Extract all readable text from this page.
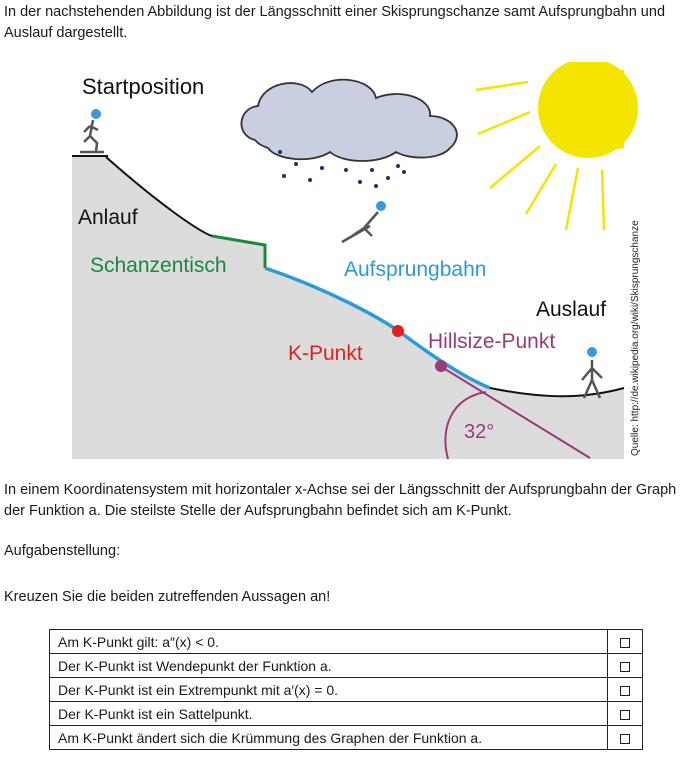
In der nachstehenden Abbildung ist der Längsschnitt einer Skisprungschanze samt Aufsprungbahn und Auslauf dargestellt.

Startposition
Anlauf
Schanzentisch	Aufsprungbahn
Auslauf
K-Punkt
Hillsize-Punkt
32°	Quelle: http://de.wikipedia.org/wiki/Skisprungschanze

In einem Koordinatensystem mit horizontaler x-Achse sei der Längsschnitt der Aufsprungbahn der Graph der Funktion a. Die steilste Stelle der Aufsprungbahn befindet sich am K-Punkt.

Aufgabenstellung:

Kreuzen Sie die beiden zutreffenden Aussagen an!

Am K-Punkt gilt: a″(x) < 0.	
Der K-Punkt ist Wendepunkt der Funktion a.	
Der K-Punkt ist ein Extrempunkt mit a′(x) = 0.	
Der K-Punkt ist ein Sattelpunkt.	
Am K-Punkt ändert sich die Krümmung des Graphen der Funktion a.	
